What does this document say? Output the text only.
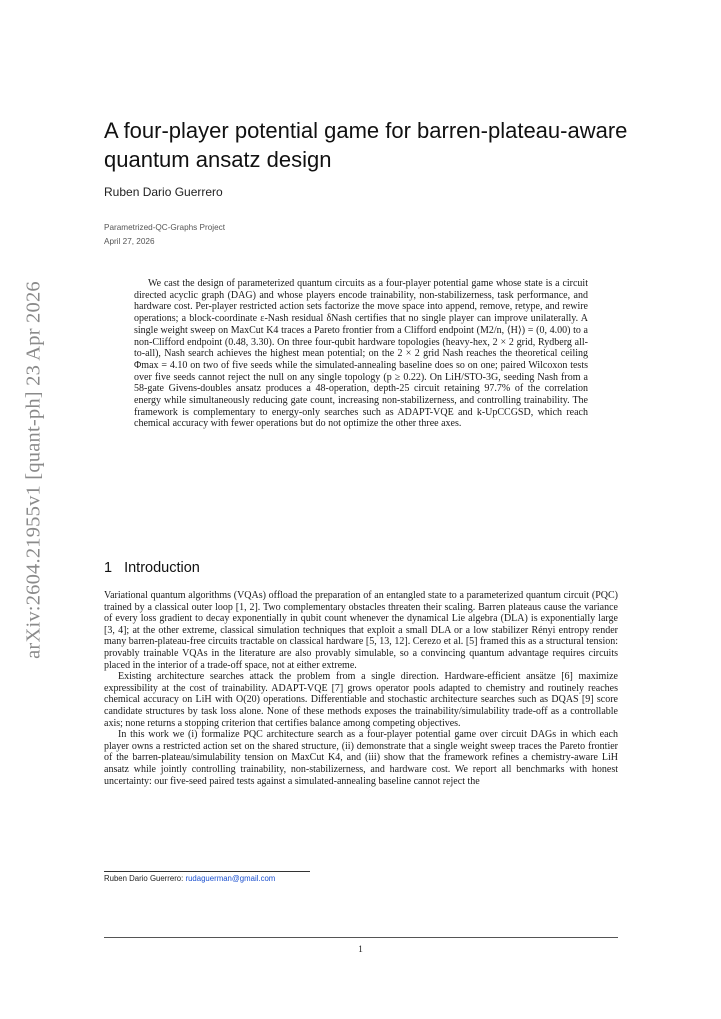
arXiv:2604.21955v1 [quant-ph] 23 Apr 2026
A four-player potential game for barren-plateau-aware quantum ansatz design
Ruben Dario Guerrero
Parametrized-QC-Graphs Project
April 27, 2026

We cast the design of parameterized quantum circuits as a four-player potential game whose state is a circuit directed acyclic graph (DAG) and whose players encode trainability, non-stabilizerness, task performance, and hardware cost. Per-player restricted action sets factorize the move space into append, remove, retype, and rewire operations; a block-coordinate ε-Nash residual δNash certifies that no single player can improve unilaterally. A single weight sweep on MaxCut K4 traces a Pareto frontier from a Clifford endpoint (M2/n, ⟨H⟩) = (0, 4.00) to a non-Clifford endpoint (0.48, 3.30). On three four-qubit hardware topologies (heavy-hex, 2 × 2 grid, Rydberg all-to-all), Nash search achieves the highest mean potential; on the 2 × 2 grid Nash reaches the theoretical ceiling Φmax = 4.10 on two of five seeds while the simulated-annealing baseline does so on one; paired Wilcoxon tests over five seeds cannot reject the null on any single topology (p ≥ 0.22). On LiH/STO-3G, seeding Nash from a 58-gate Givens-doubles ansatz produces a 48-operation, depth-25 circuit retaining 97.7% of the correlation energy while simultaneously reducing gate count, increasing non-stabilizerness, and controlling trainability. The framework is complementary to energy-only searches such as ADAPT-VQE and k-UpCCGSD, which reach chemical accuracy with fewer operations but do not optimize the other three axes.

1 Introduction

Variational quantum algorithms (VQAs) offload the preparation of an entangled state to a parameterized quantum circuit (PQC) trained by a classical outer loop [1, 2]. Two complementary obstacles threaten their scaling. Barren plateaus cause the variance of every loss gradient to decay exponentially in qubit count whenever the dynamical Lie algebra (DLA) is exponentially large [3, 4]; at the other extreme, classical simulation techniques that exploit a small DLA or a low stabilizer Rényi entropy render many barren-plateau-free circuits tractable on classical hardware [5, 13, 12]. Cerezo et al. [5] framed this as a structural tension: provably trainable VQAs in the literature are also provably simulable, so a convincing quantum advantage requires circuits placed in the interior of a trade-off space, not at either extreme.

Existing architecture searches attack the problem from a single direction. Hardware-efficient ansätze [6] maximize expressibility at the cost of trainability. ADAPT-VQE [7] grows operator pools adapted to chemistry and routinely reaches chemical accuracy on LiH with O(20) operations. Differentiable and stochastic architecture searches such as DQAS [9] score candidate structures by task loss alone. None of these methods exposes the trainability/simulability trade-off as a controllable axis; none returns a stopping criterion that certifies balance among competing objectives.

In this work we (i) formalize PQC architecture search as a four-player potential game over circuit DAGs in which each player owns a restricted action set on the shared structure, (ii) demonstrate that a single weight sweep traces the Pareto frontier of the barren-plateau/simulability tension on MaxCut K4, and (iii) show that the framework refines a chemistry-aware LiH ansatz while jointly controlling trainability, non-stabilizerness, and hardware cost. We report all benchmarks with honest uncertainty: our five-seed paired tests against a simulated-annealing baseline cannot reject the

Ruben Dario Guerrero: rudaguerman@gmail.com
1
